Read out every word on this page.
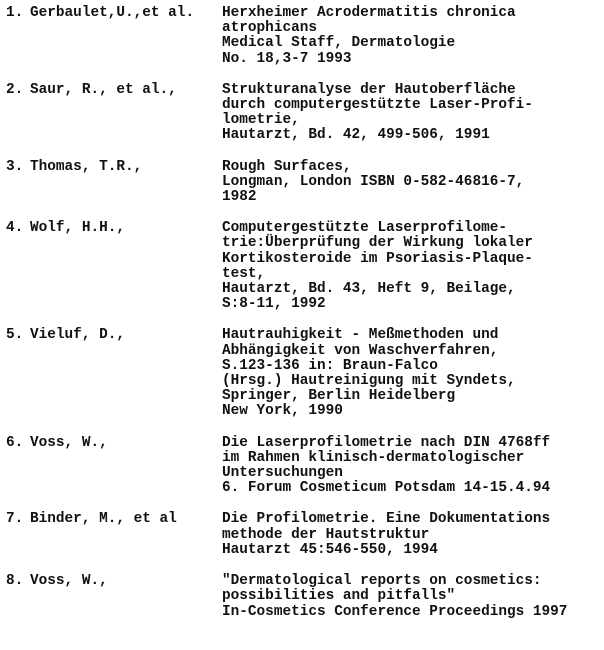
1. Gerbaulet,U.,et al.	Herxheimer Acrodermatitis chronica
atrophicans
Medical Staff, Dermatologie
No. 18,3-7 1993
2. Saur, R., et al.,	Strukturanalyse der Hautoberfläche
durch computergestützte Laser-Profi-
lometrie,
Hautarzt, Bd. 42, 499-506, 1991
3. Thomas, T.R.,	Rough Surfaces,
Longman, London ISBN 0-582-46816-7,
1982
4. Wolf, H.H.,	Computergestützte Laserprofilome-
trie:Überprüfung der Wirkung lokaler
Kortikosteroide im Psoriasis-Plaque-
test,
Hautarzt, Bd. 43, Heft 9, Beilage,
S:8-11, 1992
5. Vieluf, D.,	Hautrauhigkeit - Meßmethoden und
Abhängigkeit von Waschverfahren,
S.123-136 in: Braun-Falco
(Hrsg.) Hautreinigung mit Syndets,
Springer, Berlin Heidelberg
New York, 1990
6. Voss, W.,	Die Laserprofilometrie nach DIN 4768ff
im Rahmen klinisch-dermatologischer
Untersuchungen
6. Forum Cosmeticum Potsdam 14-15.4.94
7. Binder, M., et al	Die Profilometrie. Eine Dokumentations
methode der Hautstruktur
Hautarzt 45:546-550, 1994
8. Voss, W.,	"Dermatological reports on cosmetics:
possibilities and pitfalls"
In-Cosmetics Conference Proceedings 1997
